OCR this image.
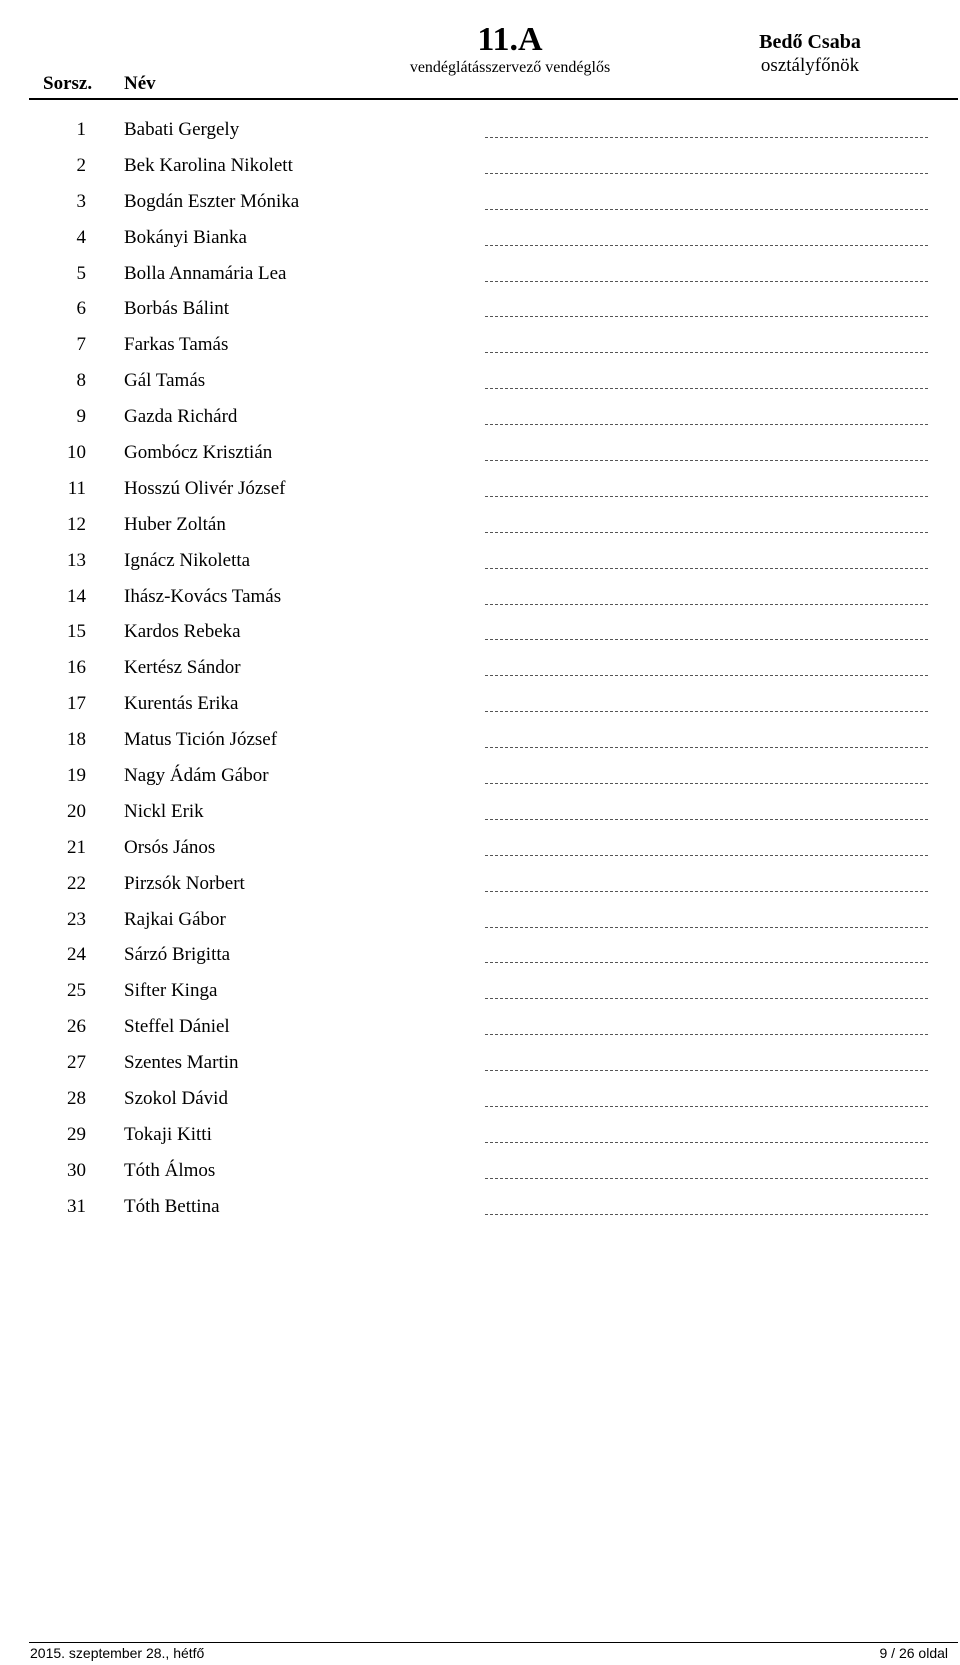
Sorsz. Név
11.A
vendéglátásszervező vendéglős
Bedő Csaba
osztályfőnök
1 Babati Gergely
2 Bek Karolina Nikolett
3 Bogdán Eszter Mónika
4 Bokányi Bianka
5 Bolla Annamária Lea
6 Borbás Bálint
7 Farkas Tamás
8 Gál Tamás
9 Gazda Richárd
10 Gombócz Krisztián
11 Hosszú Olivér József
12 Huber Zoltán
13 Ignácz Nikoletta
14 Ihász-Kovács Tamás
15 Kardos Rebeka
16 Kertész Sándor
17 Kurentás Erika
18 Matus Tición József
19 Nagy Ádám Gábor
20 Nickl Erik
21 Orsós János
22 Pirzsók Norbert
23 Rajkai Gábor
24 Sárzó Brigitta
25 Sifter Kinga
26 Steffel Dániel
27 Szentes Martin
28 Szokol Dávid
29 Tokaji Kitti
30 Tóth Álmos
31 Tóth Bettina
2015. szeptember 28., hétfő	9 / 26 oldal
